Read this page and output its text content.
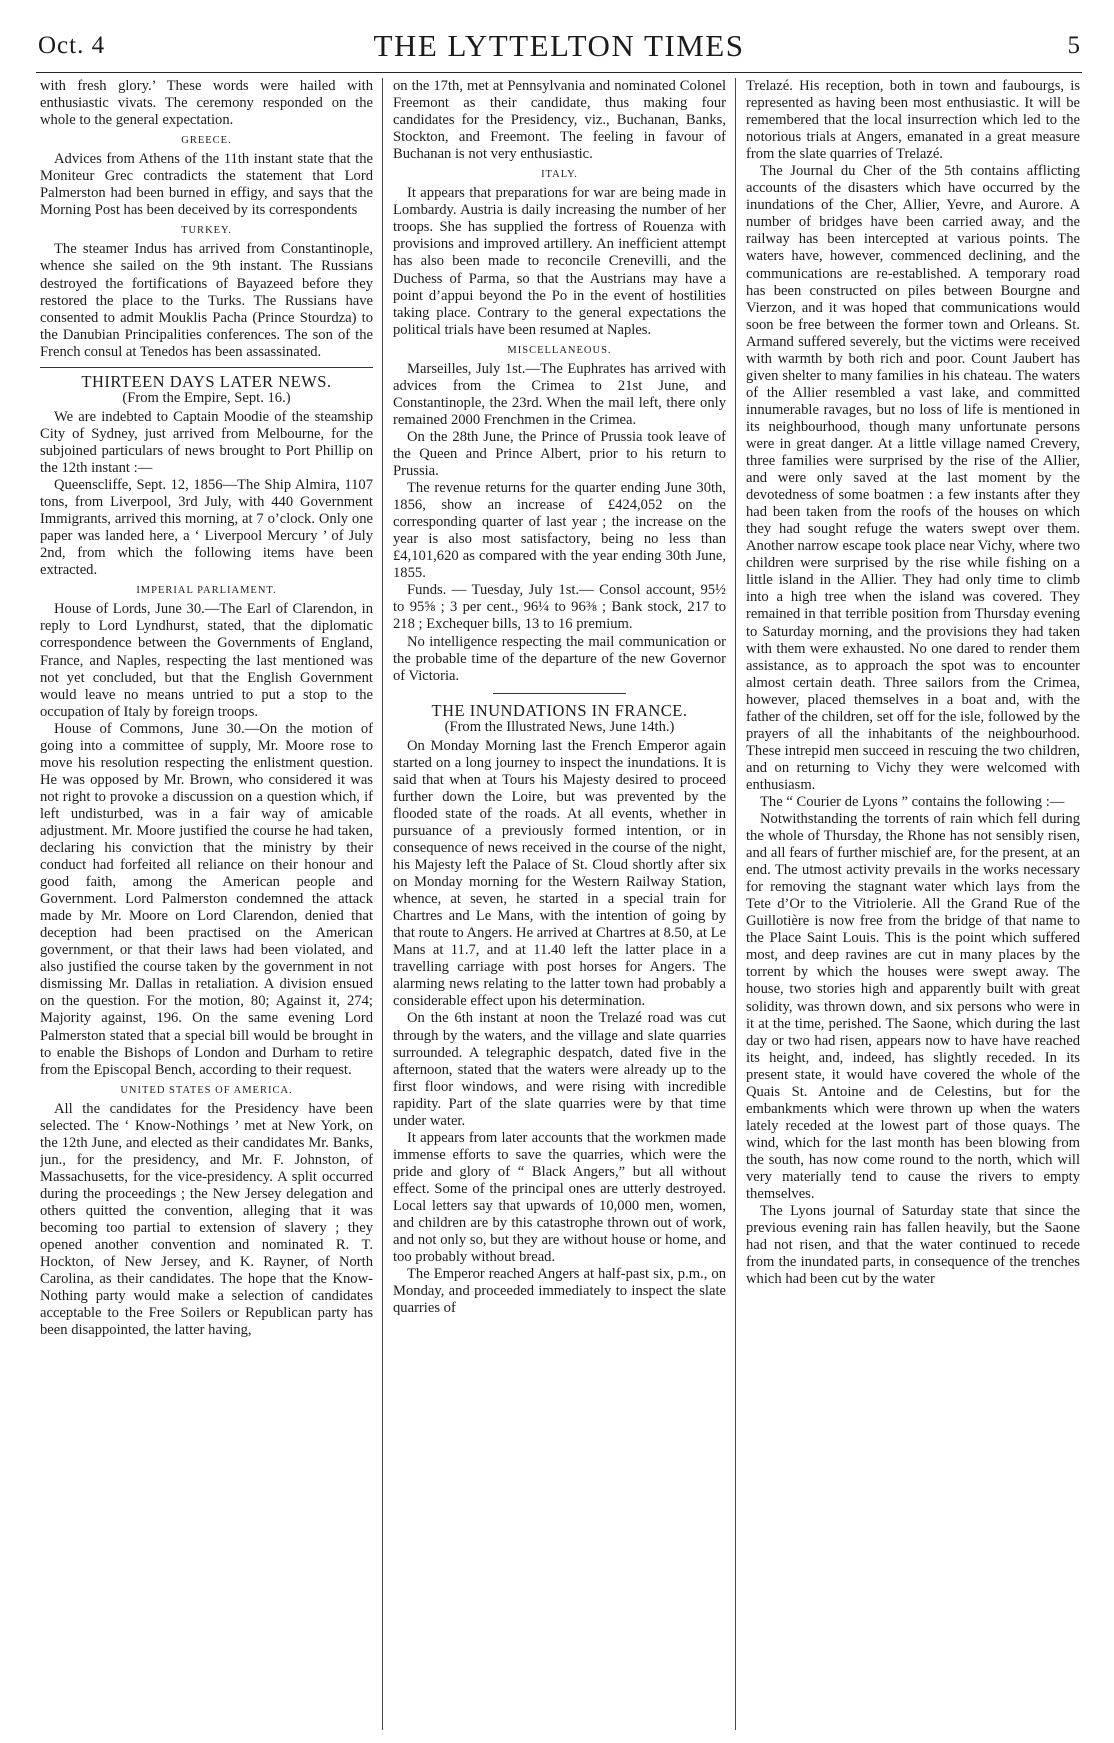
Oct. 4	THE LYTTELTON TIMES	5

with fresh glory.’ These words were hailed with enthusiastic vivats. The ceremony responded on the whole to the general expectation.

GREECE.

Advices from Athens of the 11th instant state that the Moniteur Grec contradicts the statement that Lord Palmerston had been burned in effigy, and says that the Morning Post has been deceived by its correspondents

TURKEY.

The steamer Indus has arrived from Constantinople, whence she sailed on the 9th instant. The Russians destroyed the fortifications of Bayazeed before they restored the place to the Turks. The Russians have consented to admit Mouklis Pacha (Prince Stourdza) to the Danubian Principalities conferences. The son of the French consul at Tenedos has been assassinated.

THIRTEEN DAYS LATER NEWS.
(From the Empire, Sept. 16.)

We are indebted to Captain Moodie of the steamship City of Sydney, just arrived from Melbourne, for the subjoined particulars of news brought to Port Phillip on the 12th instant :—

Queenscliffe, Sept. 12, 1856—The Ship Almira, 1107 tons, from Liverpool, 3rd July, with 440 Government Immigrants, arrived this morning, at 7 o’clock. Only one paper was landed here, a ‘ Liverpool Mercury ’ of July 2nd, from which the following items have been extracted.

IMPERIAL PARLIAMENT.

House of Lords, June 30.—The Earl of Clarendon, in reply to Lord Lyndhurst, stated, that the diplomatic correspondence between the Governments of England, France, and Naples, respecting the last mentioned was not yet concluded, but that the English Government would leave no means untried to put a stop to the occupation of Italy by foreign troops.

House of Commons, June 30.—On the motion of going into a committee of supply, Mr. Moore rose to move his resolution respecting the enlistment question. He was opposed by Mr. Brown, who considered it was not right to provoke a discussion on a question which, if left undisturbed, was in a fair way of amicable adjustment. Mr. Moore justified the course he had taken, declaring his conviction that the ministry by their conduct had forfeited all reliance on their honour and good faith, among the American people and Government. Lord Palmerston condemned the attack made by Mr. Moore on Lord Clarendon, denied that deception had been practised on the American government, or that their laws had been violated, and also justified the course taken by the government in not dismissing Mr. Dallas in retaliation. A division ensued on the question. For the motion, 80; Against it, 274; Majority against, 196. On the same evening Lord Palmerston stated that a special bill would be brought in to enable the Bishops of London and Durham to retire from the Episcopal Bench, according to their request.

UNITED STATES OF AMERICA.

All the candidates for the Presidency have been selected. The ‘ Know-Nothings ’ met at New York, on the 12th June, and elected as their candidates Mr. Banks, jun., for the presidency, and Mr. F. Johnston, of Massachusetts, for the vice-presidency. A split occurred during the proceedings ; the New Jersey delegation and others quitted the convention, alleging that it was becoming too partial to extension of slavery ; they opened another convention and nominated R. T. Hockton, of New Jersey, and K. Rayner, of North Carolina, as their candidates. The hope that the Know-Nothing party would make a selection of candidates acceptable to the Free Soilers or Republican party has been disappointed, the latter having,

on the 17th, met at Pennsylvania and nominated Colonel Freemont as their candidate, thus making four candidates for the Presidency, viz., Buchanan, Banks, Stockton, and Freemont. The feeling in favour of Buchanan is not very enthusiastic.

ITALY.

It appears that preparations for war are being made in Lombardy. Austria is daily increasing the number of her troops. She has supplied the fortress of Rouenza with provisions and improved artillery. An inefficient attempt has also been made to reconcile Crenevilli, and the Duchess of Parma, so that the Austrians may have a point d’appui beyond the Po in the event of hostilities taking place. Contrary to the general expectations the political trials have been resumed at Naples.

MISCELLANEOUS.

Marseilles, July 1st.—The Euphrates has arrived with advices from the Crimea to 21st June, and Constantinople, the 23rd. When the mail left, there only remained 2000 Frenchmen in the Crimea.

On the 28th June, the Prince of Prussia took leave of the Queen and Prince Albert, prior to his return to Prussia.

The revenue returns for the quarter ending June 30th, 1856, show an increase of £424,052 on the corresponding quarter of last year ; the increase on the year is also most satisfactory, being no less than £4,101,620 as compared with the year ending 30th June, 1855.

Funds. — Tuesday, July 1st.— Consol account, 95½ to 95⅝ ; 3 per cent., 96¼ to 96⅜ ; Bank stock, 217 to 218 ; Exchequer bills, 13 to 16 premium.

No intelligence respecting the mail communication or the probable time of the departure of the new Governor of Victoria.

THE INUNDATIONS IN FRANCE.
(From the Illustrated News, June 14th.)

On Monday Morning last the French Emperor again started on a long journey to inspect the inundations. It is said that when at Tours his Majesty desired to proceed further down the Loire, but was prevented by the flooded state of the roads. At all events, whether in pursuance of a previously formed intention, or in consequence of news received in the course of the night, his Majesty left the Palace of St. Cloud shortly after six on Monday morning for the Western Railway Station, whence, at seven, he started in a special train for Chartres and Le Mans, with the intention of going by that route to Angers. He arrived at Chartres at 8.50, at Le Mans at 11.7, and at 11.40 left the latter place in a travelling carriage with post horses for Angers. The alarming news relating to the latter town had probably a considerable effect upon his determination.

On the 6th instant at noon the Trelazé road was cut through by the waters, and the village and slate quarries surrounded. A telegraphic despatch, dated five in the afternoon, stated that the waters were already up to the first floor windows, and were rising with incredible rapidity. Part of the slate quarries were by that time under water.

It appears from later accounts that the workmen made immense efforts to save the quarries, which were the pride and glory of “ Black Angers,” but all without effect. Some of the principal ones are utterly destroyed. Local letters say that upwards of 10,000 men, women, and children are by this catastrophe thrown out of work, and not only so, but they are without house or home, and too probably without bread.

The Emperor reached Angers at half-past six, p.m., on Monday, and proceeded immediately to inspect the slate quarries of

Trelazé. His reception, both in town and faubourgs, is represented as having been most enthusiastic. It will be remembered that the local insurrection which led to the notorious trials at Angers, emanated in a great measure from the slate quarries of Trelazé.

The Journal du Cher of the 5th contains afflicting accounts of the disasters which have occurred by the inundations of the Cher, Allier, Yevre, and Aurore. A number of bridges have been carried away, and the railway has been intercepted at various points. The waters have, however, commenced declining, and the communications are re-established. A temporary road has been constructed on piles between Bourgne and Vierzon, and it was hoped that communications would soon be free between the former town and Orleans. St. Armand suffered severely, but the victims were received with warmth by both rich and poor. Count Jaubert has given shelter to many families in his chateau. The waters of the Allier resembled a vast lake, and committed innumerable ravages, but no loss of life is mentioned in its neighbourhood, though many unfortunate persons were in great danger. At a little village named Crevery, three families were surprised by the rise of the Allier, and were only saved at the last moment by the devotedness of some boatmen : a few instants after they had been taken from the roofs of the houses on which they had sought refuge the waters swept over them. Another narrow escape took place near Vichy, where two children were surprised by the rise while fishing on a little island in the Allier. They had only time to climb into a high tree when the island was covered. They remained in that terrible position from Thursday evening to Saturday morning, and the provisions they had taken with them were exhausted. No one dared to render them assistance, as to approach the spot was to encounter almost certain death. Three sailors from the Crimea, however, placed themselves in a boat and, with the father of the children, set off for the isle, followed by the prayers of all the inhabitants of the neighbourhood. These intrepid men succeed in rescuing the two children, and on returning to Vichy they were welcomed with enthusiasm.

The “ Courier de Lyons ” contains the following :—

Notwithstanding the torrents of rain which fell during the whole of Thursday, the Rhone has not sensibly risen, and all fears of further mischief are, for the present, at an end. The utmost activity prevails in the works necessary for removing the stagnant water which lays from the Tete d’Or to the Vitriolerie. All the Grand Rue of the Guillotière is now free from the bridge of that name to the Place Saint Louis. This is the point which suffered most, and deep ravines are cut in many places by the torrent by which the houses were swept away. The house, two stories high and apparently built with great solidity, was thrown down, and six persons who were in it at the time, perished. The Saone, which during the last day or two had risen, appears now to have have reached its height, and, indeed, has slightly receded. In its present state, it would have covered the whole of the Quais St. Antoine and de Celestins, but for the embankments which were thrown up when the waters lately receded at the lowest part of those quays. The wind, which for the last month has been blowing from the south, has now come round to the north, which will very materially tend to cause the rivers to empty themselves.

The Lyons journal of Saturday state that since the previous evening rain has fallen heavily, but the Saone had not risen, and that the water continued to recede from the inundated parts, in consequence of the trenches which had been cut by the water
